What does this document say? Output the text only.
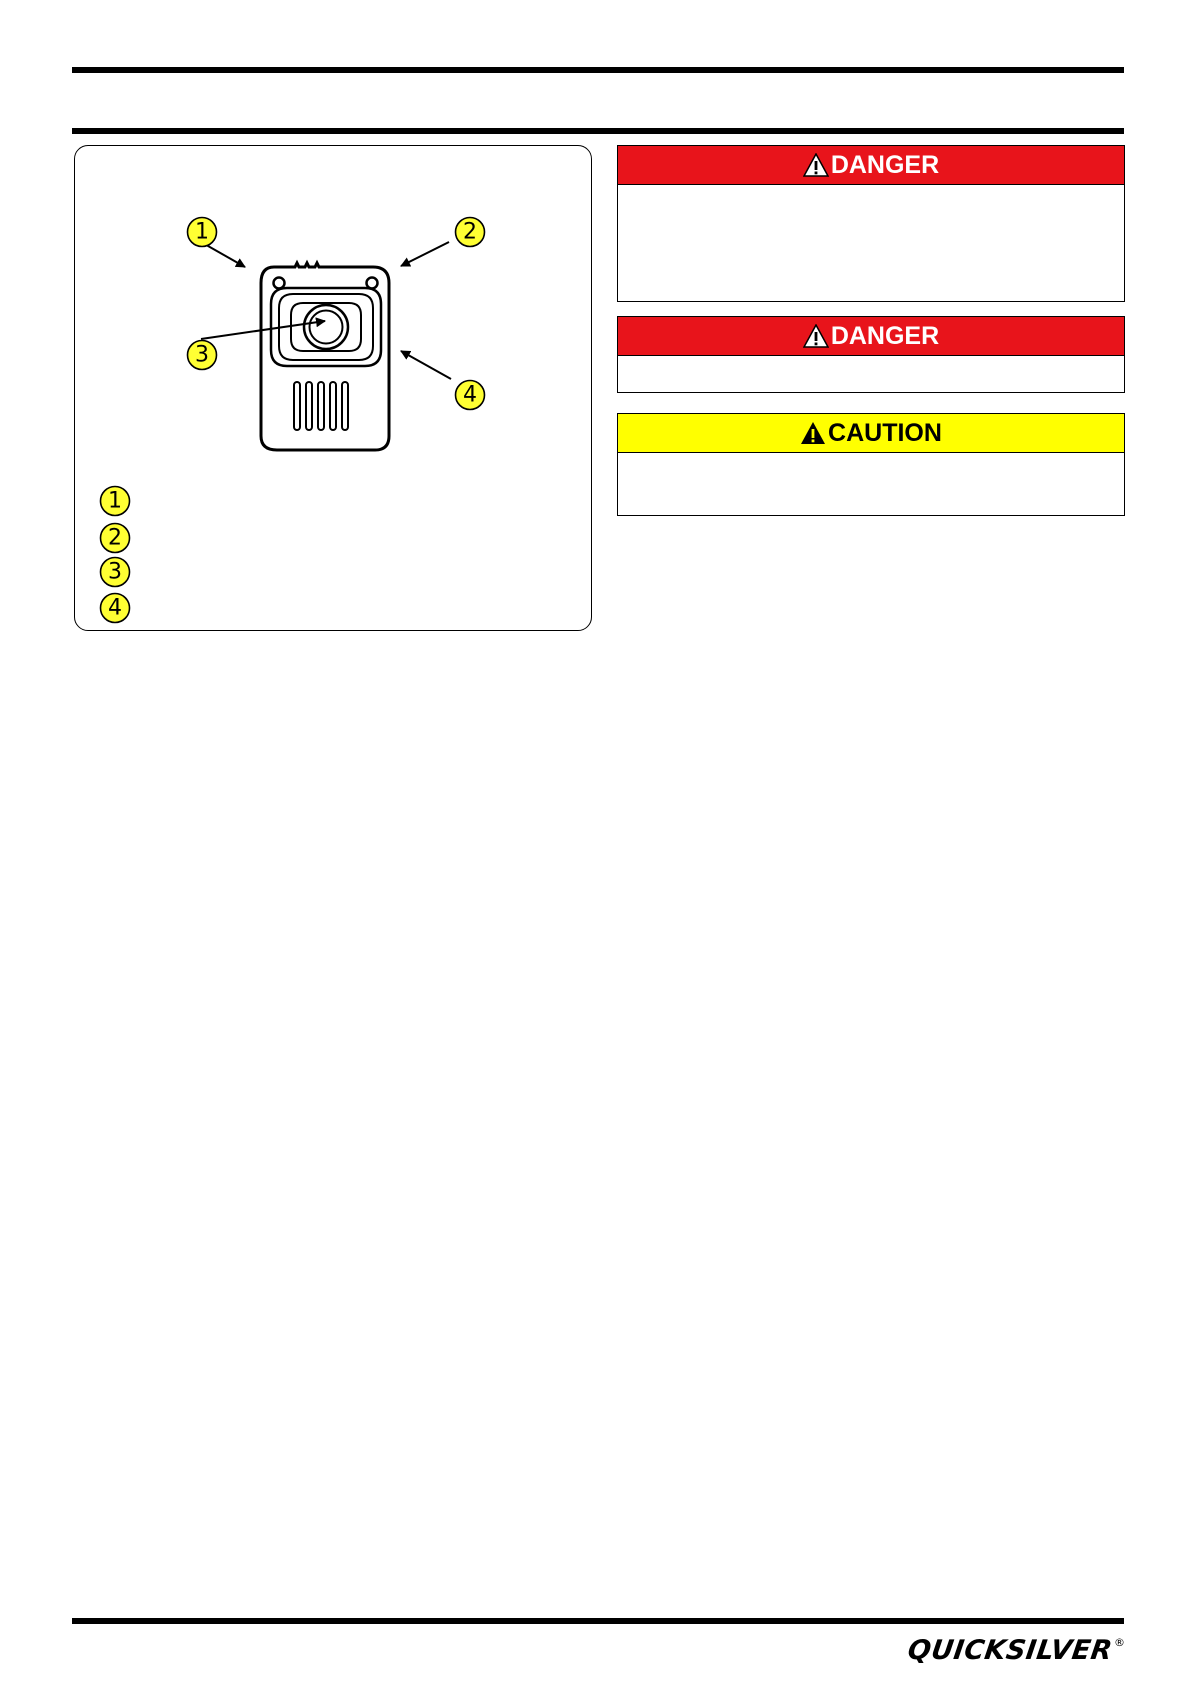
1	2
3
4
1
2
3
4
DANGER
DANGER
CAUTION
QUICKSILVER ®
